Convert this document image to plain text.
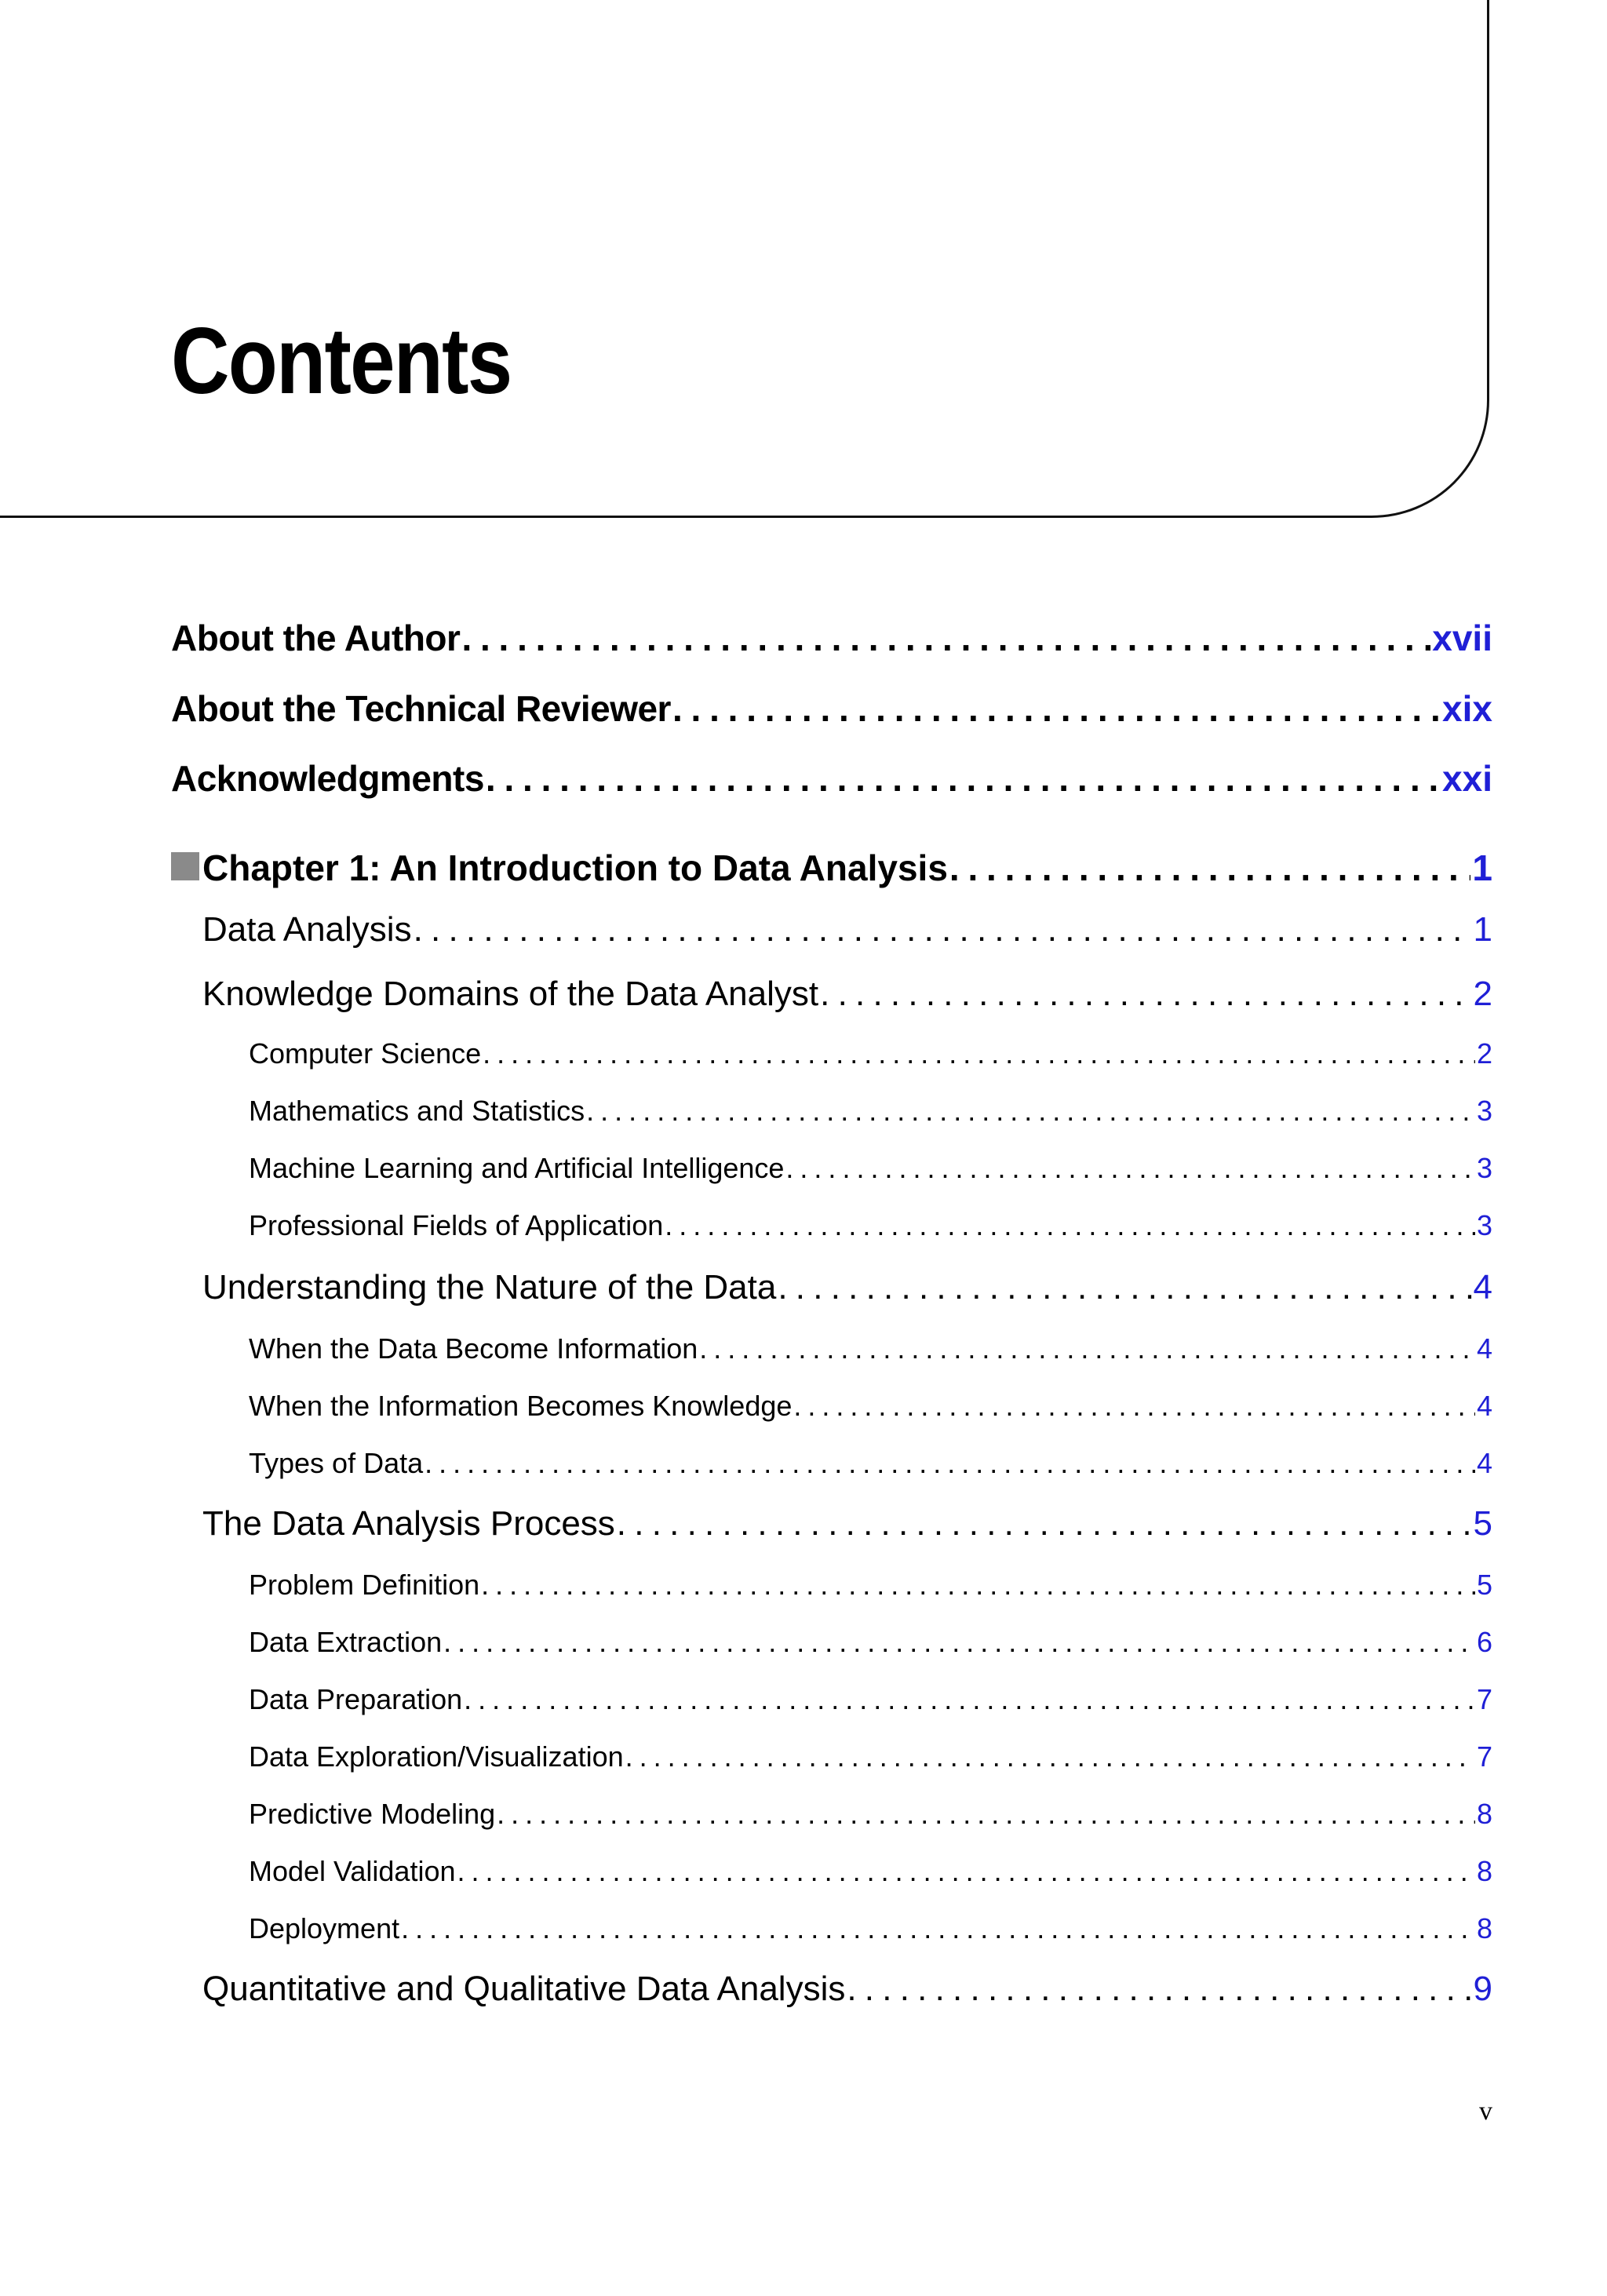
Contents
About the Author . . .	xvii
About the Technical Reviewer . . .	xix
Acknowledgments . . .	xxi
Chapter 1: An Introduction to Data Analysis . . .	1
Data Analysis . . .	1
Knowledge Domains of the Data Analyst . . .	2
Computer Science . . .	2
Mathematics and Statistics . . .	3
Machine Learning and Artificial Intelligence . . .	3
Professional Fields of Application . . .	3
Understanding the Nature of the Data . . .	4
When the Data Become Information . . .	4
When the Information Becomes Knowledge . . .	4
Types of Data . . .	4
The Data Analysis Process . . .	5
Problem Definition . . .	5
Data Extraction . . .	6
Data Preparation . . .	7
Data Exploration/Visualization . . .	7
Predictive Modeling . . .	8
Model Validation . . .	8
Deployment . . .	8
Quantitative and Qualitative Data Analysis . . .	9
v
